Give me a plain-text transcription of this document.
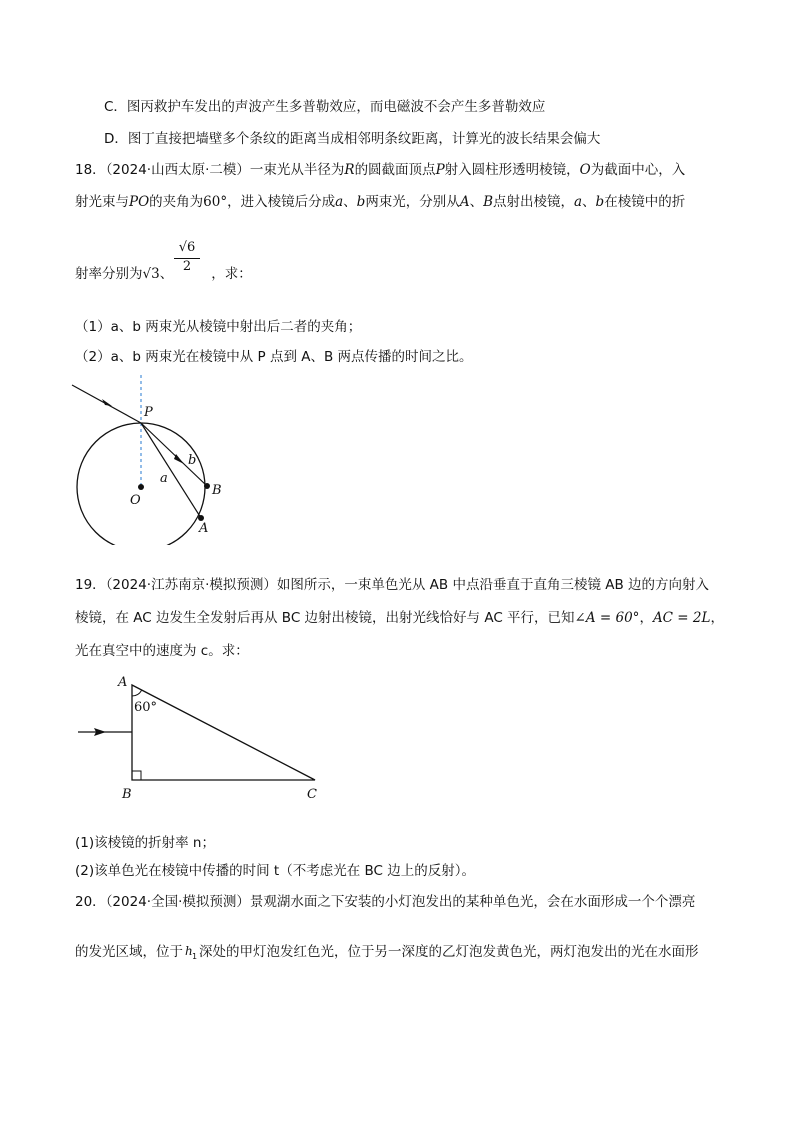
C．图丙救护车发出的声波产生多普勒效应，而电磁波不会产生多普勒效应
D．图丁直接把墙壁多个条纹的距离当成相邻明条纹距离，计算光的波长结果会偏大
18．（2024·山西太原·二模）一束光从半径为R的圆截面顶点P射入圆柱形透明棱镜，O为截面中心，入
射光束与PO的夹角为60°，进入棱镜后分成a、b两束光，分别从A、B点射出棱镜，a、b在棱镜中的折
射率分别为√3、	，求：
√6
2
（1）a、b 两束光从棱镜中射出后二者的夹角；
（2）a、b 两束光在棱镜中从 P 点到 A、B 两点传播的时间之比。
P
O
a
b
B
A
19．（2024·江苏南京·模拟预测）如图所示，一束单色光从 AB 中点沿垂直于直角三棱镜 AB 边的方向射入
棱镜，在 AC 边发生全发射后再从 BC 边射出棱镜，出射光线恰好与 AC 平行，已知∠A = 60°，AC = 2L，
光在真空中的速度为 c。求：
A
60°
B	C
(1)该棱镜的折射率 n；
(2)该单色光在棱镜中传播的时间 t（不考虑光在 BC 边上的反射）。
20．（2024·全国·模拟预测）景观湖水面之下安装的小灯泡发出的某种单色光，会在水面形成一个个漂亮
的发光区域，位于 h 1 深处的甲灯泡发红色光，位于另一深度的乙灯泡发黄色光，两灯泡发出的光在水面形
